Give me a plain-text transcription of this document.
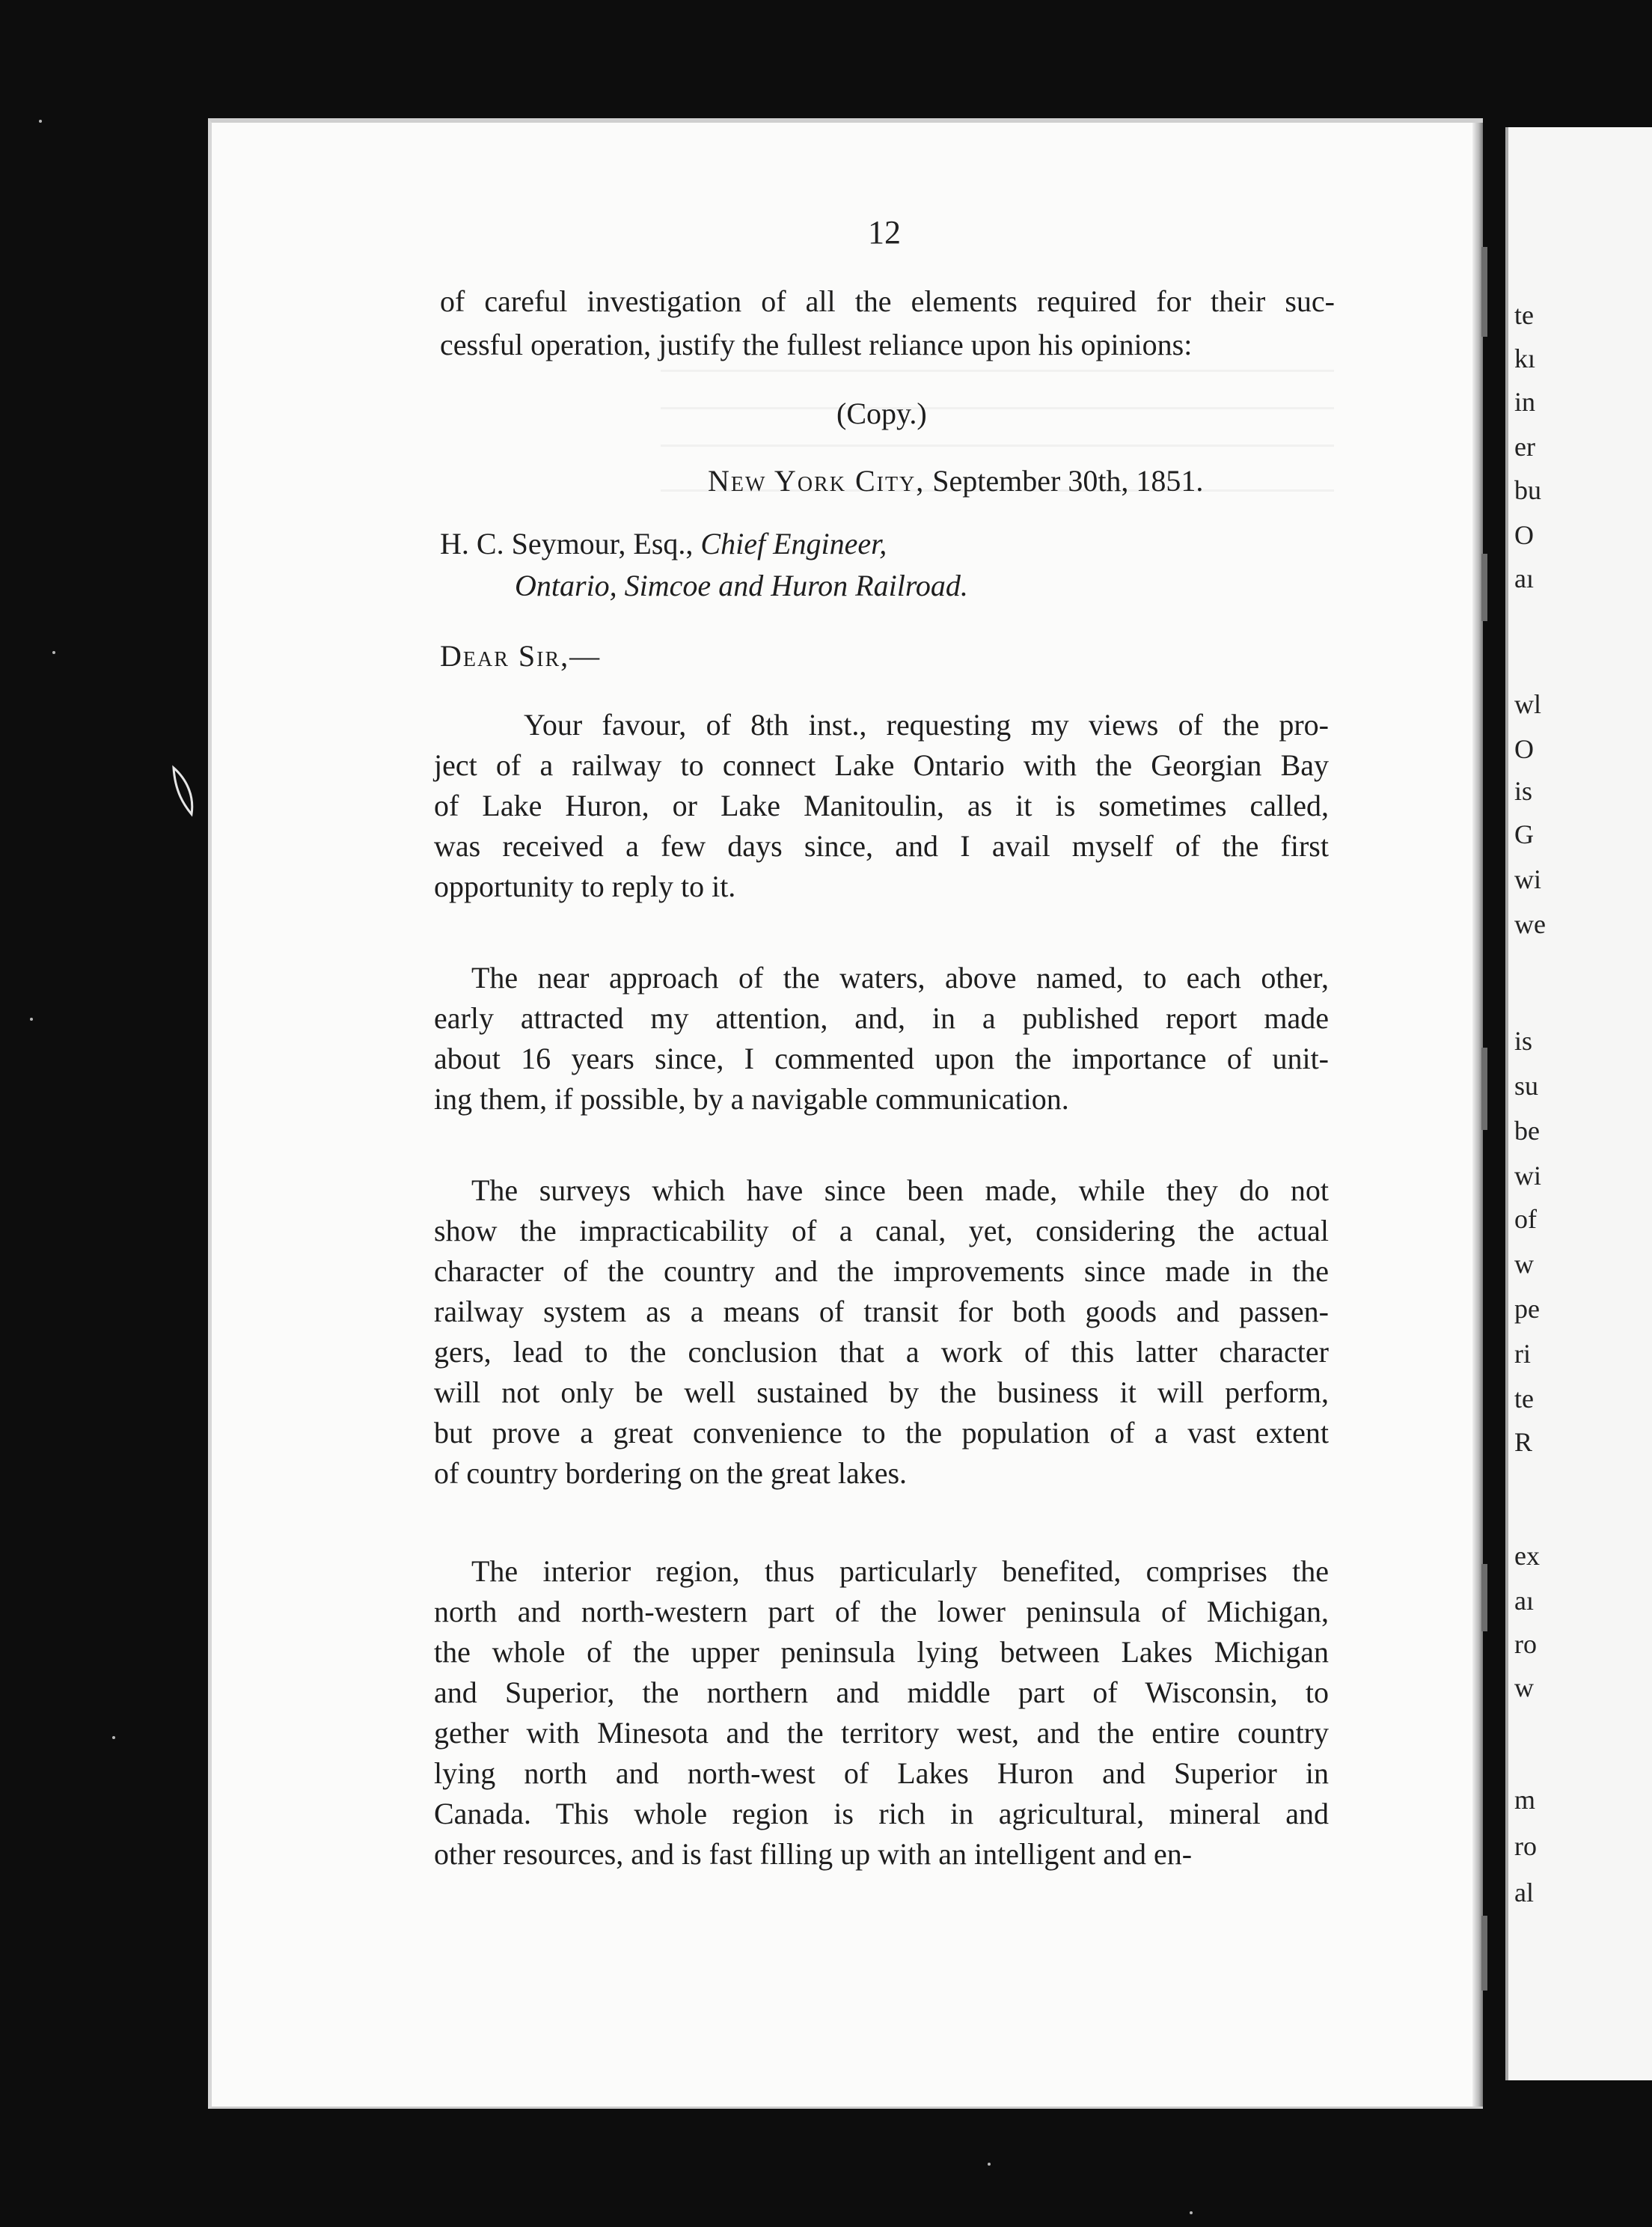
te
kı
in
er
bu
O
aı
wl
O
is
G
wi
we
is
su
be
wi
of
w
pe
ri
te
R
ex
aı
ro
w
m
ro
al
12
of careful investigation of all the elements required for their suc-
cessful operation, justify the fullest reliance upon his opinions:
(Copy.)
New York City, September 30th, 1851.
H. C. Seymour, Esq., Chief Engineer,
Ontario, Simcoe and Huron Railroad.
Dear Sir,—
Your favour, of 8th inst., requesting my views of the pro-
ject of a railway to connect Lake Ontario with the Georgian Bay
of Lake Huron, or Lake Manitoulin, as it is sometimes called,
was received a few days since, and I avail myself of the first
opportunity to reply to it.
The near approach of the waters, above named, to each other,
early attracted my attention, and, in a published report made
about 16 years since, I commented upon the importance of unit-
ing them, if possible, by a navigable communication.
The surveys which have since been made, while they do not
show the impracticability of a canal, yet, considering the actual
character of the country and the improvements since made in the
railway system as a means of transit for both goods and passen-
gers, lead to the conclusion that a work of this latter character
will not only be well sustained by the business it will perform,
but prove a great convenience to the population of a vast extent
of country bordering on the great lakes.
The interior region, thus particularly benefited, comprises the
north and north-western part of the lower peninsula of Michigan,
the whole of the upper peninsula lying between Lakes Michigan
and Superior, the northern and middle part of Wisconsin, to
gether with Minesota and the territory west, and the entire country
lying north and north-west of Lakes Huron and Superior in
Canada. This whole region is rich in agricultural, mineral and
other resources, and is fast filling up with an intelligent and en-
